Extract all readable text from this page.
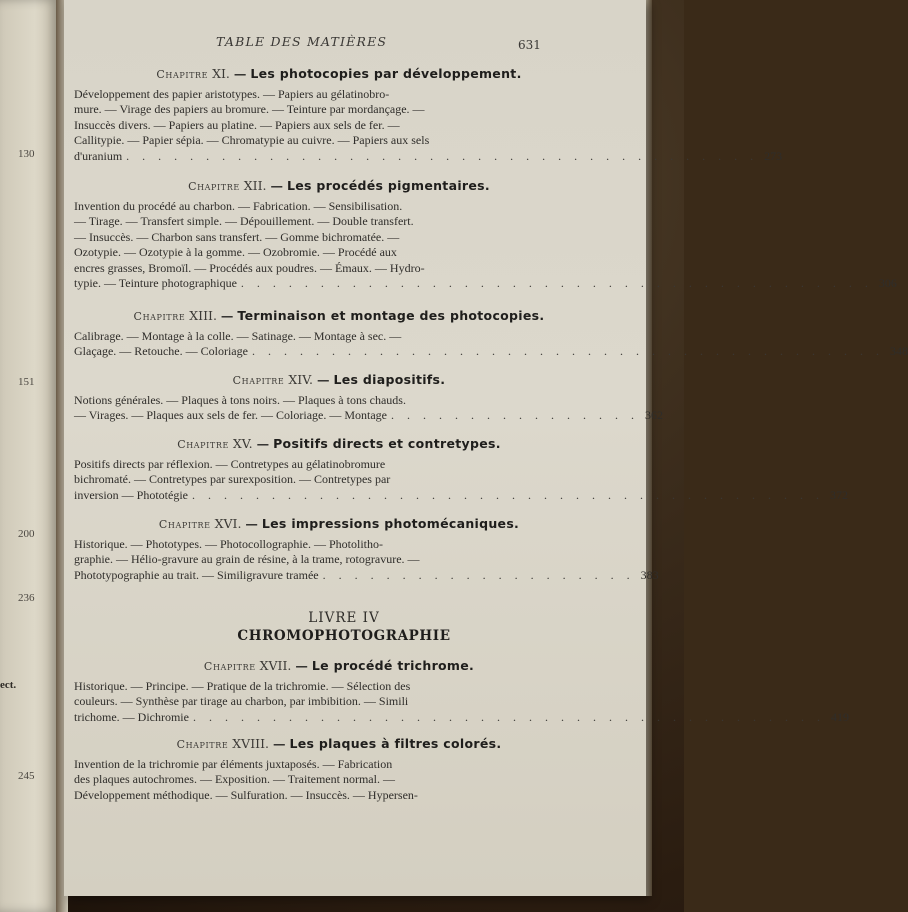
130
151
200
236
245
ect.
TABLE DES MATIÈRES	631
Chapitre XI. — Les photocopies par développement.
Développement des papier aristotypes. — Papiers au gélatinobro-
mure. — Virage des papiers au bromure. — Teinture par mordançage. —
Insuccès divers. — Papiers au platine. — Papiers aux sels de fer. —
Callitypie. — Papier sépia. — Chromatypie au cuivre. — Papiers aux sels
d'uranium . . . . . . . . . . . . . . . . . . . . . . . . . . . . . . . . . . . . . . . . 273
Chapitre XII. — Les procédés pigmentaires.
Invention du procédé au charbon. — Fabrication. — Sensibilisation.
— Tirage. — Transfert simple. — Dépouillement. — Double transfert.
— Insuccès. — Charbon sans transfert. — Gomme bichromatée. —
Ozotypie. — Ozotypie à la gomme. — Ozobromie. — Procédé aux
encres grasses, Bromoïl. — Procédés aux poudres. — Émaux. — Hydro-
typie. — Teinture photographique . . . . . . . . . . . . . . . . . . . . . . . . . . . . . . . . . . . . . . . . 306
Chapitre XIII. — Terminaison et montage des photocopies.
Calibrage. — Montage à la colle. — Satinage. — Montage à sec. —
Glaçage. — Retouche. — Coloriage . . . . . . . . . . . . . . . . . . . . . . . . . . . . . . . . . . . . . . . . 348
Chapitre XIV. — Les diapositifs.
Notions générales. — Plaques à tons noirs. — Plaques à tons chauds.
— Virages. — Plaques aux sels de fer. — Coloriage. — Montage . . . . . . . . . . . . . . . . 362
Chapitre XV. — Positifs directs et contretypes.
Positifs directs par réflexion. — Contretypes au gélatinobromure
bichromaté. — Contretypes par surexposition. — Contretypes par
inversion — Phototégie . . . . . . . . . . . . . . . . . . . . . . . . . . . . . . . . . . . . . . . . 372
Chapitre XVI. — Les impressions photomécaniques.
Historique. — Phototypes. — Photocollographie. — Photolitho-
graphie. — Hélio-gravure au grain de résine, à la trame, rotogravure. —
Phototypographie au trait. — Similigravure tramée . . . . . . . . . . . . . . . . . . . . 383
LIVRE IV
CHROMOPHOTOGRAPHIE
Chapitre XVII. — Le procédé trichrome.
Historique. — Principe. — Pratique de la trichromie. — Sélection des
couleurs. — Synthèse par tirage au charbon, par imbibition. — Simili
trichome. — Dichromie . . . . . . . . . . . . . . . . . . . . . . . . . . . . . . . . . . . . . . . . 419
Chapitre XVIII. — Les plaques à filtres colorés.
Invention de la trichromie par éléments juxtaposés. — Fabrication
des plaques autochromes. — Exposition. — Traitement normal. —
Développement méthodique. — Sulfuration. — Insuccès. — Hypersen-
